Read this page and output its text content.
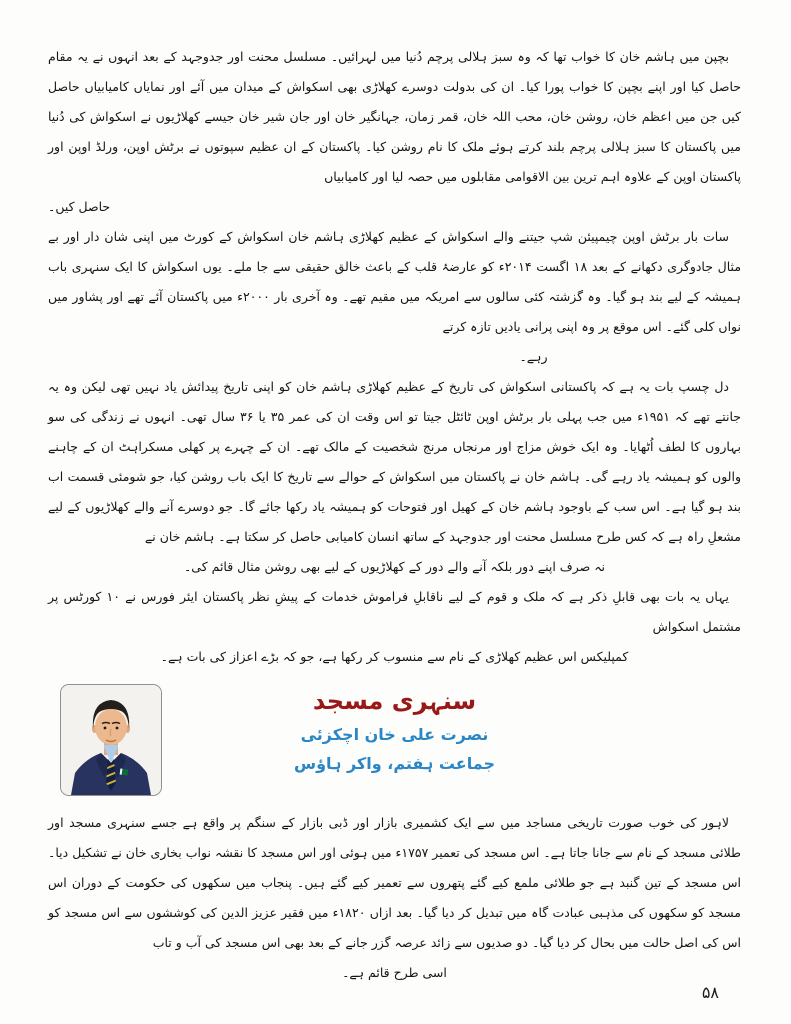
بچپن میں ہاشم خان کا خواب تھا کہ وہ سبز ہلالی پرچم دُنیا میں لہرائیں۔ مسلسل محنت اور جدوجہد کے بعد انہوں نے یہ مقام حاصل کیا اور اپنے بچپن کا خواب پورا کیا۔ ان کی بدولت دوسرے کھلاڑی بھی اسکواش کے میدان میں آئے اور نمایاں کامیابیاں حاصل کیں جن میں اعظم خان، روشن خان، محب اللہ خان، قمر زمان، جہانگیر خان اور جان شیر خان جیسے کھلاڑیوں نے اسکواش کی دُنیا میں پاکستان کا سبز ہلالی پرچم بلند کرتے ہوئے ملک کا نام روشن کیا۔ پاکستان کے ان عظیم سپوتوں نے برٹش اوپن، ورلڈ اوپن اور پاکستان اوپن کے علاوہ اہم ترین بین الاقوامی مقابلوں میں حصہ لیا اور کامیابیاں
حاصل کیں۔
سات بار برٹش اوپن چیمپیئن شپ جیتنے والے اسکواش کے عظیم کھلاڑی ہاشم خان اسکواش کے کورٹ میں اپنی شان دار اور بے مثال جادوگری دکھانے کے بعد ۱۸ اگست ۲۰۱۴ء کو عارضۂ قلب کے باعث خالق حقیقی سے جا ملے۔ یوں اسکواش کا ایک سنہری باب ہمیشہ کے لیے بند ہو گیا۔ وہ گزشتہ کئی سالوں سے امریکہ میں مقیم تھے۔ وہ آخری بار ۲۰۰۰ء میں پاکستان آئے تھے اور پشاور میں نواں کلی گئے۔ اس موقع پر وہ اپنی پرانی یادیں تازہ کرتے
رہے۔
دل چسپ بات یہ ہے کہ پاکستانی اسکواش کی تاریخ کے عظیم کھلاڑی ہاشم خان کو اپنی تاریخ پیدائش یاد نہیں تھی لیکن وہ یہ جانتے تھے کہ ۱۹۵۱ء میں جب پہلی بار برٹش اوپن ٹائٹل جیتا تو اس وقت ان کی عمر ۳۵ یا ۳۶ سال تھی۔ انہوں نے زندگی کی سو بہاروں کا لطف اُٹھایا۔ وہ ایک خوش مزاج اور مرنجاں مرنج شخصیت کے مالک تھے۔ ان کے چہرے پر کھلی مسکراہٹ ان کے چاہنے والوں کو ہمیشہ یاد رہے گی۔ ہاشم خان نے پاکستان میں اسکواش کے حوالے سے تاریخ کا ایک باب روشن کیا، جو شومئی قسمت اب بند ہو گیا ہے۔ اس سب کے باوجود ہاشم خان کے کھیل اور فتوحات کو ہمیشہ یاد رکھا جائے گا۔ جو دوسرے آنے والے کھلاڑیوں کے لیے مشعلِ راہ ہے کہ کس طرح مسلسل محنت اور جدوجہد کے ساتھ انسان کامیابی حاصل کر سکتا ہے۔ ہاشم خان نے
نہ صرف اپنے دور بلکہ آنے والے دور کے کھلاڑیوں کے لیے بھی روشن مثال قائم کی۔
یہاں یہ بات بھی قابلِ ذکر ہے کہ ملک و قوم کے لیے ناقابلِ فراموش خدمات کے پیشِ نظر پاکستان ایئر فورس نے ۱۰ کورٹس پر مشتمل اسکواش
کمپلیکس اس عظیم کھلاڑی کے نام سے منسوب کر رکھا ہے، جو کہ بڑے اعزاز کی بات ہے۔
سنہری مسجد
نصرت علی خان اچکزئی
جماعت ہفتم، واکر ہاؤس
لاہور کی خوب صورت تاریخی مساجد میں سے ایک کشمیری بازار اور ڈبی بازار کے سنگم پر واقع ہے جسے سنہری مسجد اور طلائی مسجد کے نام سے جانا جاتا ہے۔ اس مسجد کی تعمیر ۱۷۵۷ء میں ہوئی اور اس مسجد کا نقشہ نواب بخاری خان نے تشکیل دیا۔ اس مسجد کے تین گنبد ہے جو طلائی ملمع کیے گئے پتھروں سے تعمیر کیے گئے ہیں۔ پنجاب میں سکھوں کی حکومت کے دوران اس مسجد کو سکھوں کی مذہبی عبادت گاہ میں تبدیل کر دیا گیا۔ بعد ازاں ۱۸۲۰ء میں فقیر عزیز الدین کی کوششوں سے اس مسجد کو اس کی اصل حالت میں بحال کر دیا گیا۔ دو صدیوں سے زائد عرصہ گزر جانے کے بعد بھی اس مسجد کی آب و تاب
اسی طرح قائم ہے۔
۵۸
